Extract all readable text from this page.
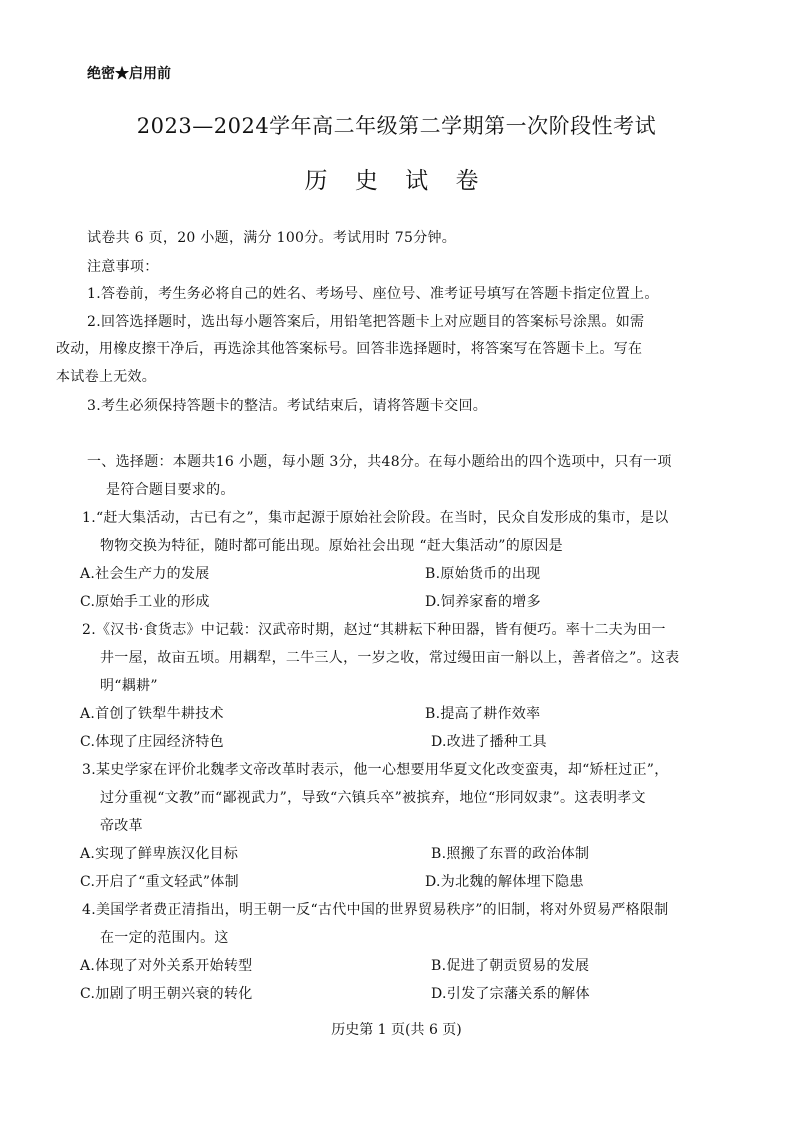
绝密★启用前
2023—2024学年高二年级第二学期第一次阶段性考试
历 史 试 卷
试卷共 6 页，20 小题，满分 100分。考试用时 75分钟。
注意事项：
1.答卷前，考生务必将自己的姓名、考场号、座位号、准考证号填写在答题卡指定位置上。
2.回答选择题时，选出每小题答案后，用铅笔把答题卡上对应题目的答案标号涂黑。如需
改动，用橡皮擦干净后，再选涂其他答案标号。回答非选择题时，将答案写在答题卡上。写在
本试卷上无效。
3.考生必须保持答题卡的整洁。考试结束后，请将答题卡交回。
一、选择题：本题共16 小题，每小题 3分，共48分。在每小题给出的四个选项中，只有一项
是符合题目要求的。
1.“赶大集活动，古已有之”，集市起源于原始社会阶段。在当时，民众自发形成的集市，是以
物物交换为特征，随时都可能出现。原始社会出现 “赶大集活动”的原因是
A.社会生产力的发展	B.原始货币的出现
C.原始手工业的形成	D.饲养家畜的增多
2.《汉书·食货志》中记载：汉武帝时期，赵过“其耕耘下种田器，皆有便巧。率十二夫为田一
井一屋，故亩五顷。用耦犁，二牛三人，一岁之收，常过缦田亩一斛以上，善者倍之”。这表
明“耦耕”
A.首创了铁犁牛耕技术	B.提高了耕作效率
C.体现了庄园经济特色	D.改进了播种工具
3.某史学家在评价北魏孝文帝改革时表示，他一心想要用华夏文化改变蛮夷，却“矫枉过正”，
过分重视“文教”而“鄙视武力”，导致“六镇兵卒”被摈弃，地位“形同奴隶”。这表明孝文
帝改革
A.实现了鲜卑族汉化目标	B.照搬了东晋的政治体制
C.开启了“重文轻武”体制	D.为北魏的解体埋下隐患
4.美国学者费正清指出，明王朝一反“古代中国的世界贸易秩序”的旧制，将对外贸易严格限制
在一定的范围内。这
A.体现了对外关系开始转型	B.促进了朝贡贸易的发展
C.加剧了明王朝兴衰的转化	D.引发了宗藩关系的解体
历史第 1 页(共 6 页)
